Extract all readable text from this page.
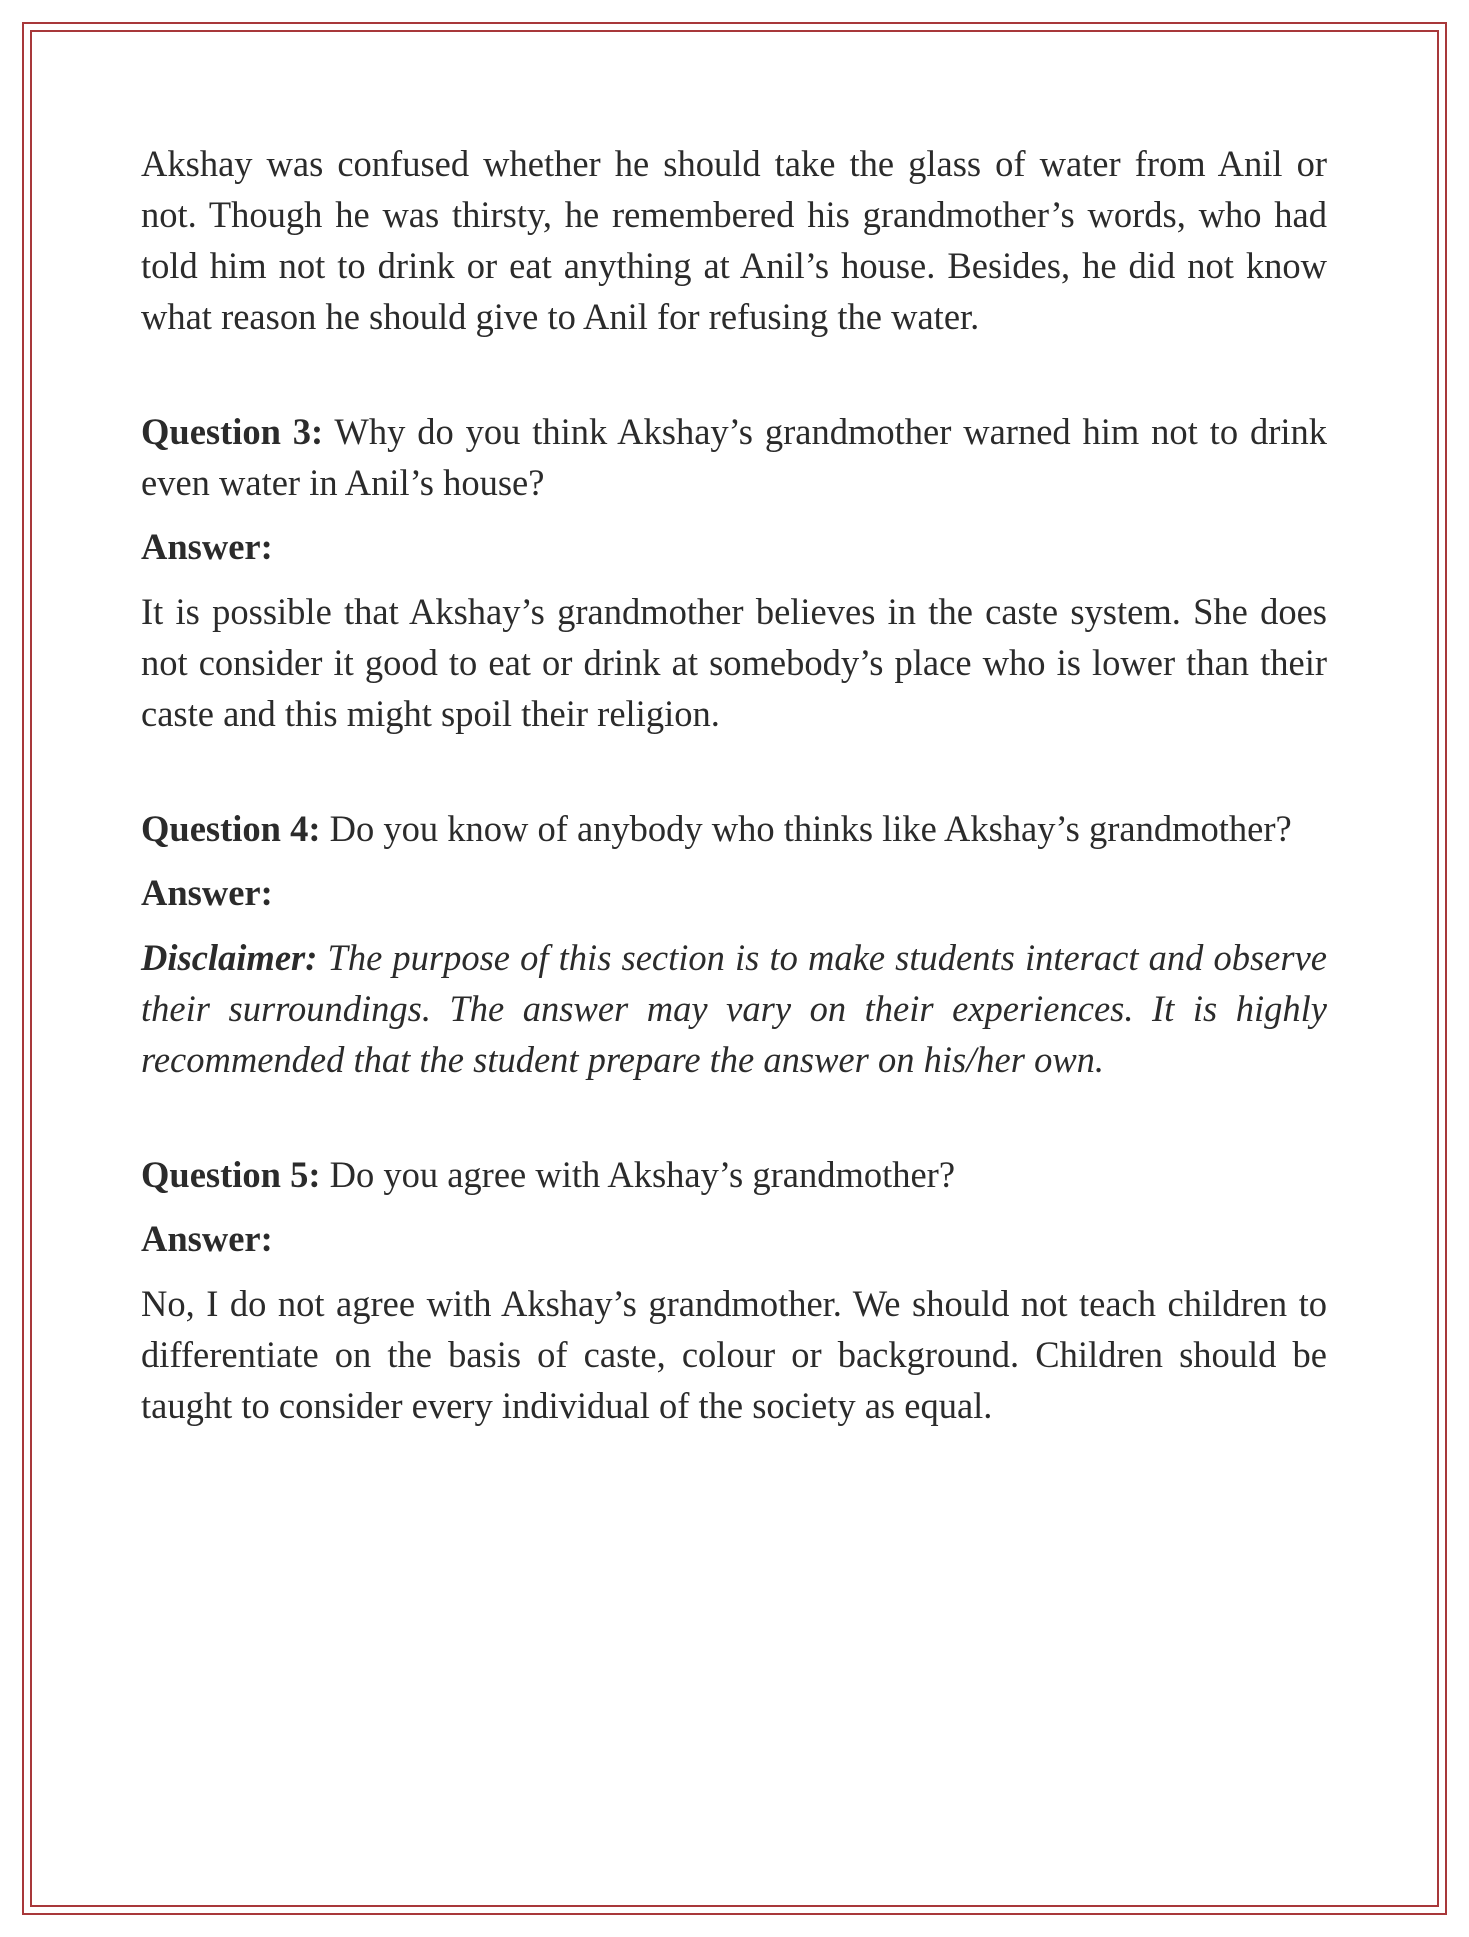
Akshay was confused whether he should take the glass of water from Anil or not. Though he was thirsty, he remembered his grandmother’s words, who had told him not to drink or eat anything at Anil’s house. Besides, he did not know what reason he should give to Anil for refusing the water.

Question 3: Why do you think Akshay’s grandmother warned him not to drink even water in Anil’s house?

Answer:

It is possible that Akshay’s grandmother believes in the caste system. She does not consider it good to eat or drink at somebody’s place who is lower than their caste and this might spoil their religion.

Question 4: Do you know of anybody who thinks like Akshay’s grandmother?

Answer:

Disclaimer: The purpose of this section is to make students interact and observe their surroundings. The answer may vary on their experiences. It is highly recommended that the student prepare the answer on his/her own.

Question 5: Do you agree with Akshay’s grandmother?

Answer:

No, I do not agree with Akshay’s grandmother. We should not teach children to differentiate on the basis of caste, colour or background. Children should be taught to consider every individual of the society as equal.
